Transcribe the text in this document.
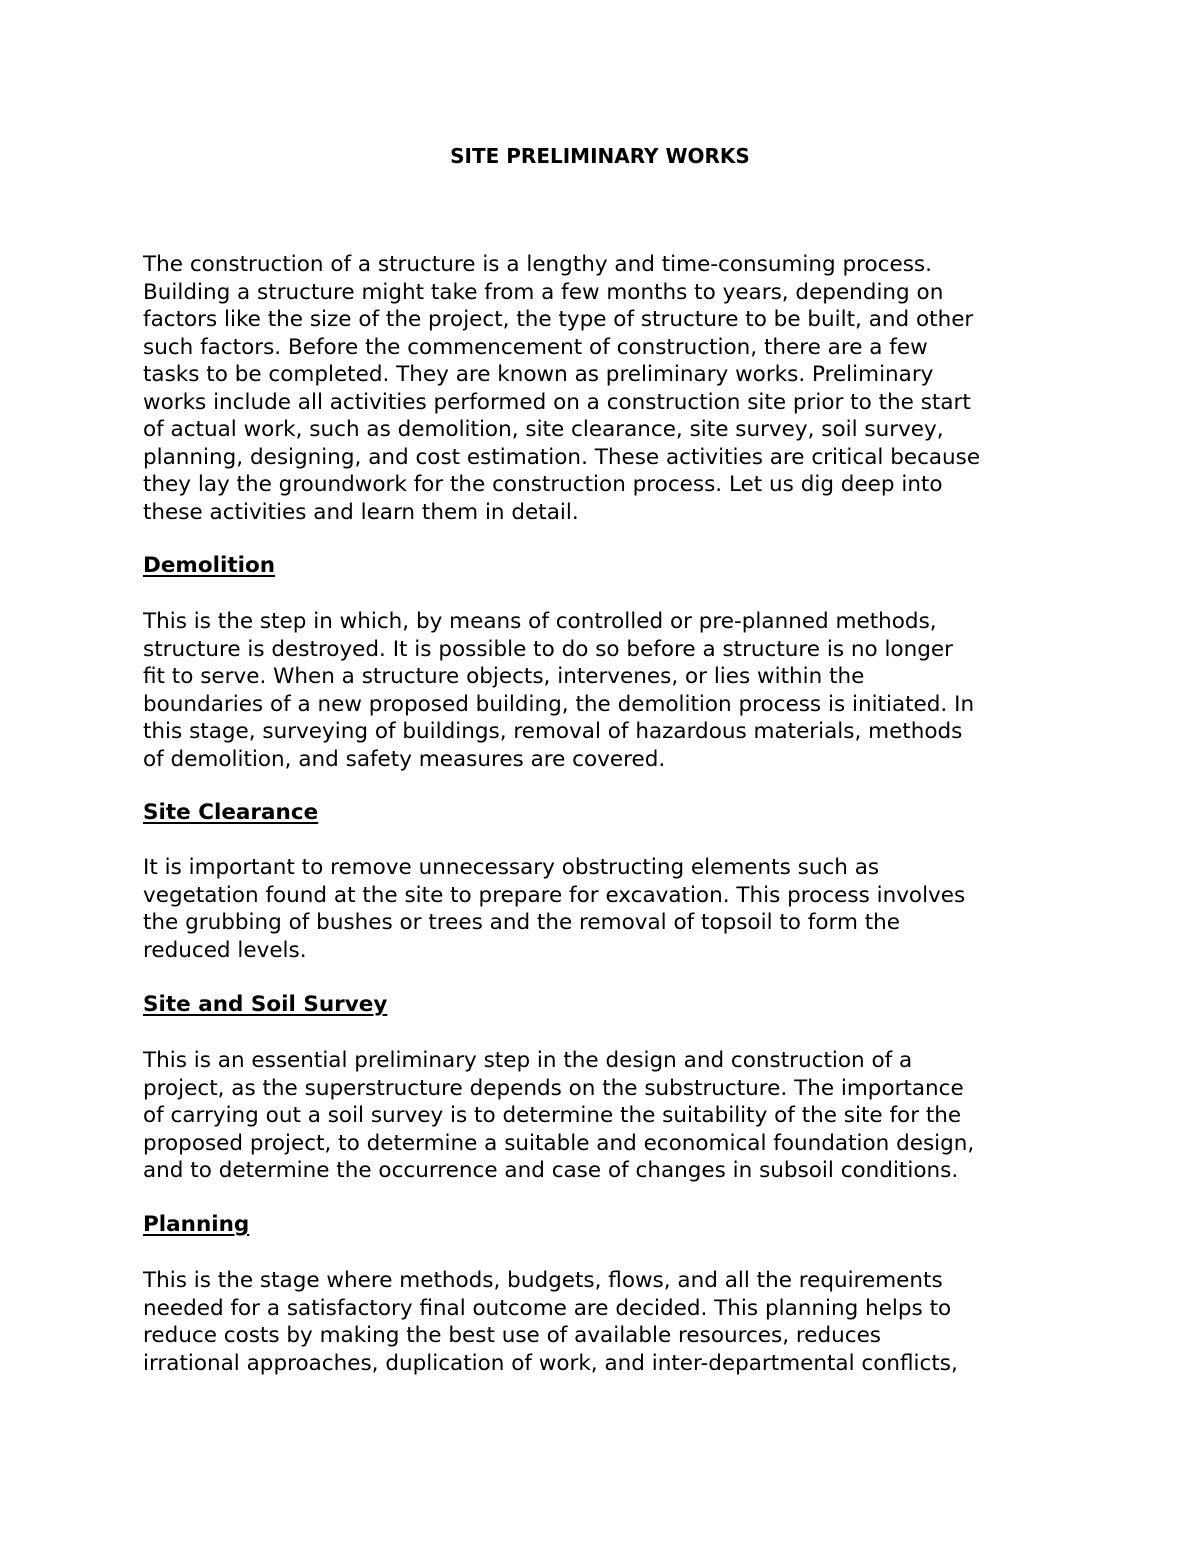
SITE PRELIMINARY WORKS

The construction of a structure is a lengthy and time-consuming process.
Building a structure might take from a few months to years, depending on
factors like the size of the project, the type of structure to be built, and other
such factors. Before the commencement of construction, there are a few
tasks to be completed. They are known as preliminary works. Preliminary
works include all activities performed on a construction site prior to the start
of actual work, such as demolition, site clearance, site survey, soil survey,
planning, designing, and cost estimation. These activities are critical because
they lay the groundwork for the construction process. Let us dig deep into
these activities and learn them in detail.

Demolition

This is the step in which, by means of controlled or pre-planned methods,
structure is destroyed. It is possible to do so before a structure is no longer
fit to serve. When a structure objects, intervenes, or lies within the
boundaries of a new proposed building, the demolition process is initiated. In
this stage, surveying of buildings, removal of hazardous materials, methods
of demolition, and safety measures are covered.

Site Clearance

It is important to remove unnecessary obstructing elements such as
vegetation found at the site to prepare for excavation. This process involves
the grubbing of bushes or trees and the removal of topsoil to form the
reduced levels.

Site and Soil Survey

This is an essential preliminary step in the design and construction of a
project, as the superstructure depends on the substructure. The importance
of carrying out a soil survey is to determine the suitability of the site for the
proposed project, to determine a suitable and economical foundation design,
and to determine the occurrence and case of changes in subsoil conditions.

Planning

This is the stage where methods, budgets, flows, and all the requirements
needed for a satisfactory final outcome are decided. This planning helps to
reduce costs by making the best use of available resources, reduces
irrational approaches, duplication of work, and inter-departmental conflicts,
